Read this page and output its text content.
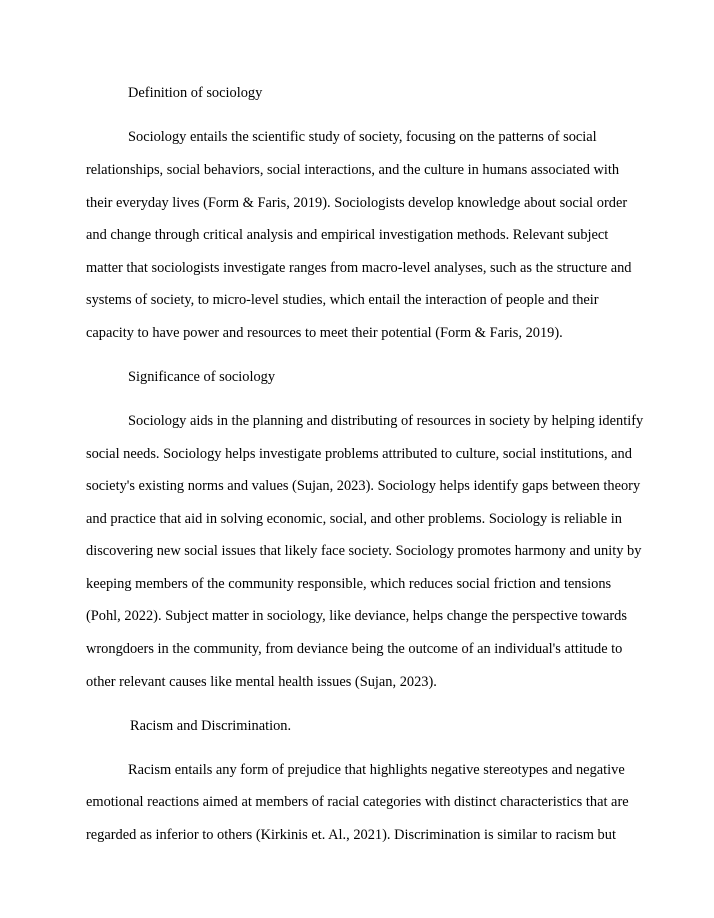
Definition of sociology
Sociology entails the scientific study of society, focusing on the patterns of social
relationships, social behaviors, social interactions, and the culture in humans associated with
their everyday lives (Form & Faris, 2019). Sociologists develop knowledge about social order
and change through critical analysis and empirical investigation methods. Relevant subject
matter that sociologists investigate ranges from macro-level analyses, such as the structure and
systems of society, to micro-level studies, which entail the interaction of people and their
capacity to have power and resources to meet their potential (Form & Faris, 2019).
Significance of sociology
Sociology aids in the planning and distributing of resources in society by helping identify
social needs. Sociology helps investigate problems attributed to culture, social institutions, and
society's existing norms and values (Sujan, 2023). Sociology helps identify gaps between theory
and practice that aid in solving economic, social, and other problems. Sociology is reliable in
discovering new social issues that likely face society. Sociology promotes harmony and unity by
keeping members of the community responsible, which reduces social friction and tensions
(Pohl, 2022). Subject matter in sociology, like deviance, helps change the perspective towards
wrongdoers in the community, from deviance being the outcome of an individual's attitude to
other relevant causes like mental health issues (Sujan, 2023).
Racism and Discrimination.
Racism entails any form of prejudice that highlights negative stereotypes and negative
emotional reactions aimed at members of racial categories with distinct characteristics that are
regarded as inferior to others (Kirkinis et. Al., 2021). Discrimination is similar to racism but
